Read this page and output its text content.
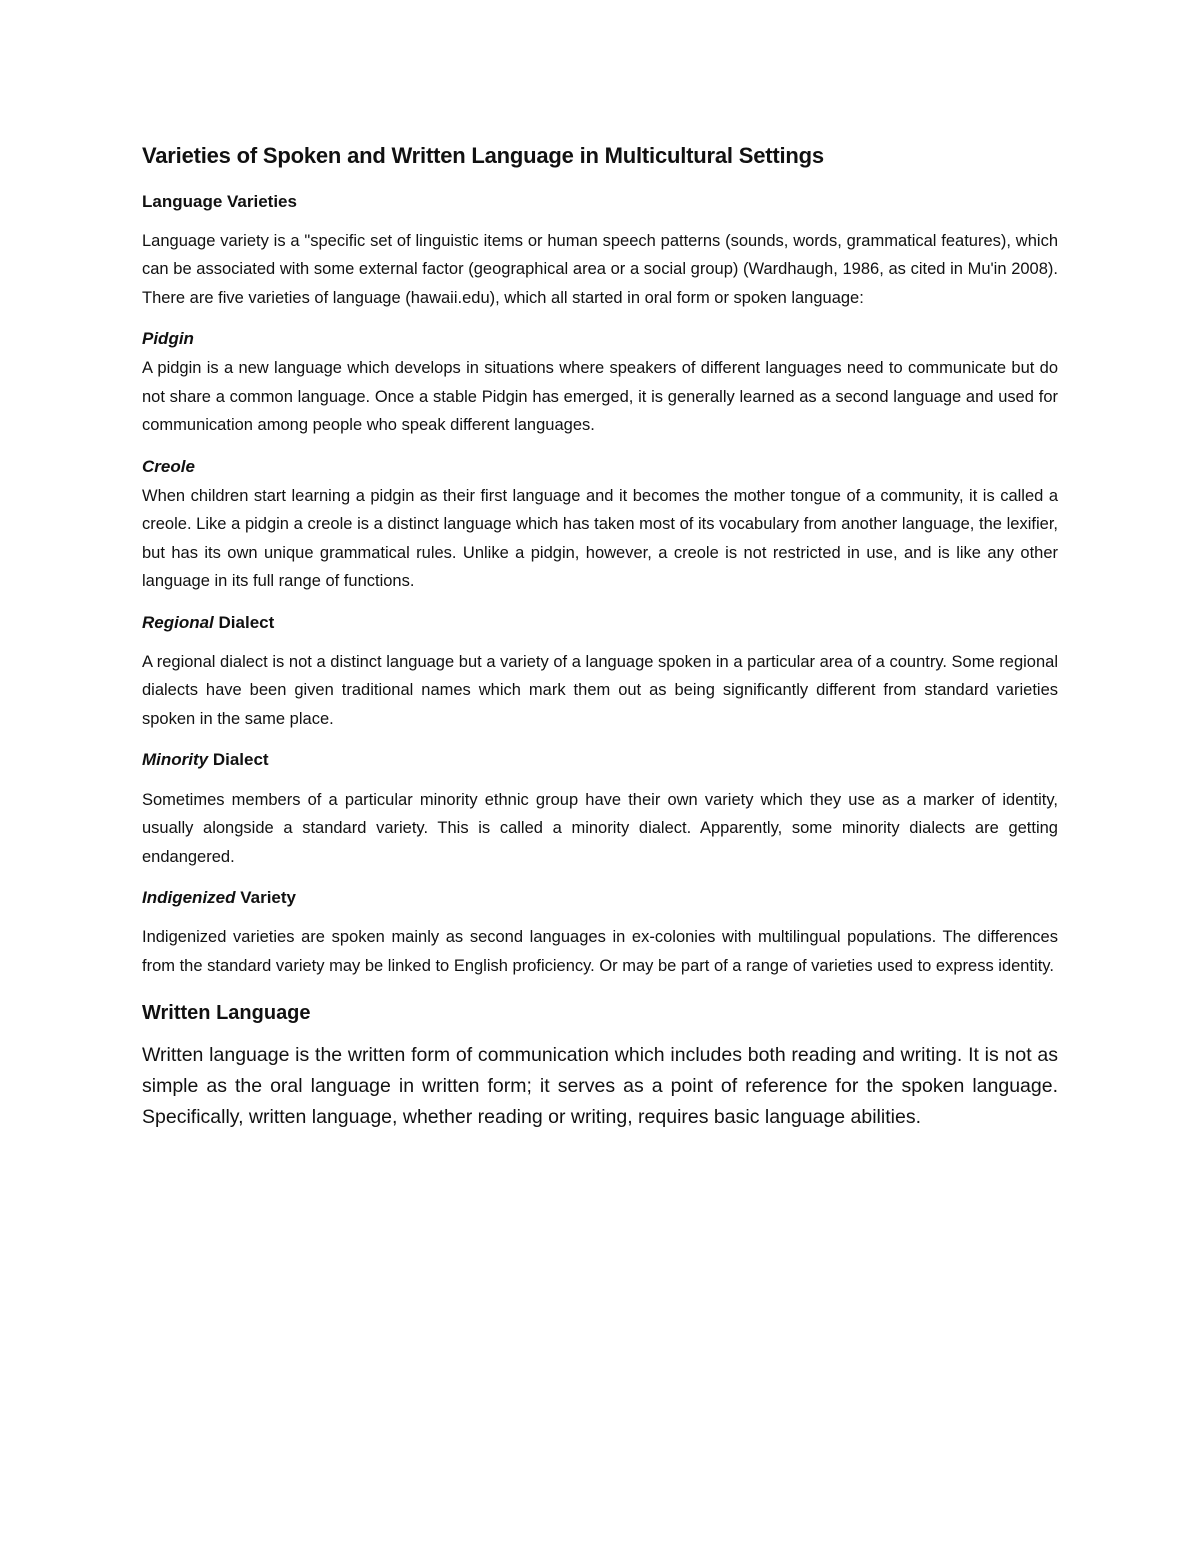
Varieties of Spoken and Written Language in Multicultural Settings
Language Varieties

Language variety is a "specific set of linguistic items or human speech patterns (sounds, words, grammatical features), which can be associated with some external factor (geographical area or a social group) (Wardhaugh, 1986, as cited in Mu'in 2008). There are five varieties of language (hawaii.edu), which all started in oral form or spoken language:

Pidgin

A pidgin is a new language which develops in situations where speakers of different languages need to communicate but do not share a common language. Once a stable Pidgin has emerged, it is generally learned as a second language and used for communication among people who speak different languages.

Creole

When children start learning a pidgin as their first language and it becomes the mother tongue of a community, it is called a creole. Like a pidgin a creole is a distinct language which has taken most of its vocabulary from another language, the lexifier, but has its own unique grammatical rules. Unlike a pidgin, however, a creole is not restricted in use, and is like any other language in its full range of functions.

Regional Dialect

A regional dialect is not a distinct language but a variety of a language spoken in a particular area of a country. Some regional dialects have been given traditional names which mark them out as being significantly different from standard varieties spoken in the same place.

Minority Dialect

Sometimes members of a particular minority ethnic group have their own variety which they use as a marker of identity, usually alongside a standard variety. This is called a minority dialect. Apparently, some minority dialects are getting endangered.

Indigenized Variety

Indigenized varieties are spoken mainly as second languages in ex-colonies with multilingual populations. The differences from the standard variety may be linked to English proficiency. Or may be part of a range of varieties used to express identity.

Written Language

Written language is the written form of communication which includes both reading and writing. It is not as simple as the oral language in written form; it serves as a point of reference for the spoken language. Specifically, written language, whether reading or writing, requires basic language abilities.
